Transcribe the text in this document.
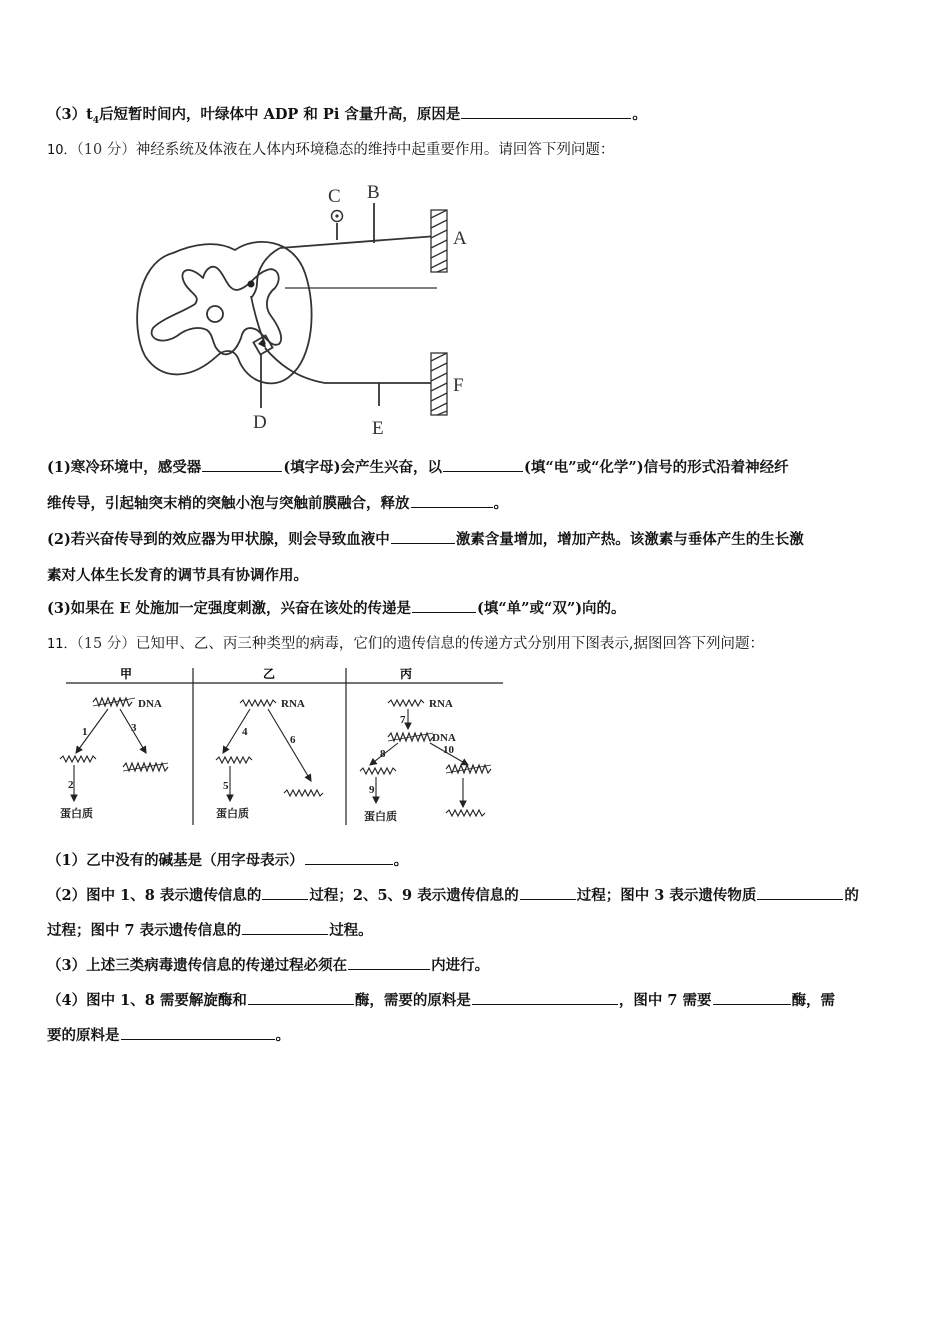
$(3)t_4$后短暂时间内，叶绿体中 ADP 和 Pi 含量升高，原因是	。
10．（10 分）神经系统及体液在人体内环境稳态的维持中起重要作用。请回答下列问题：
C B
A
F
D	E
(1)寒冷环境中，感受器	(填字母)会产生兴奋，以	(填“电”或“化学”)信号的形式沿着神经纤
维传导，引起轴突末梢的突触小泡与突触前膜融合，释放	。
(2)若兴奋传导到的效应器为甲状腺，则会导致血液中	激素含量增加，增加产热。该激素与垂体产生的生长激
素对人体生长发育的调节具有协调作用。
(3)如果在 E 处施加一定强度刺激，兴奋在该处的传递是	(填“单”或“双”)向的。
11．（15 分）已知甲、乙、丙三种类型的病毒，它们的遗传信息的传递方式分别用下图表示,据图回答下列问题：
甲	乙	丙
DNA
1
2
3
蛋白质
RNA
4
5
6
蛋白质
RNA
7
DNA
8
9
10
蛋白质
（1）乙中没有的碱基是（用字母表示）	。
（2）图中 1、8 表示遗传信息的	过程；2、5、9 表示遗传信息的	过程；图中 3 表示遗传物质	的
过程；图中 7 表示遗传信息的	过程。
（3）上述三类病毒遗传信息的传递过程必须在	内进行。
（4）图中 1、8 需要解旋酶和	酶，需要的原料是	，图中 7 需要	酶，需
要的原料是	。
